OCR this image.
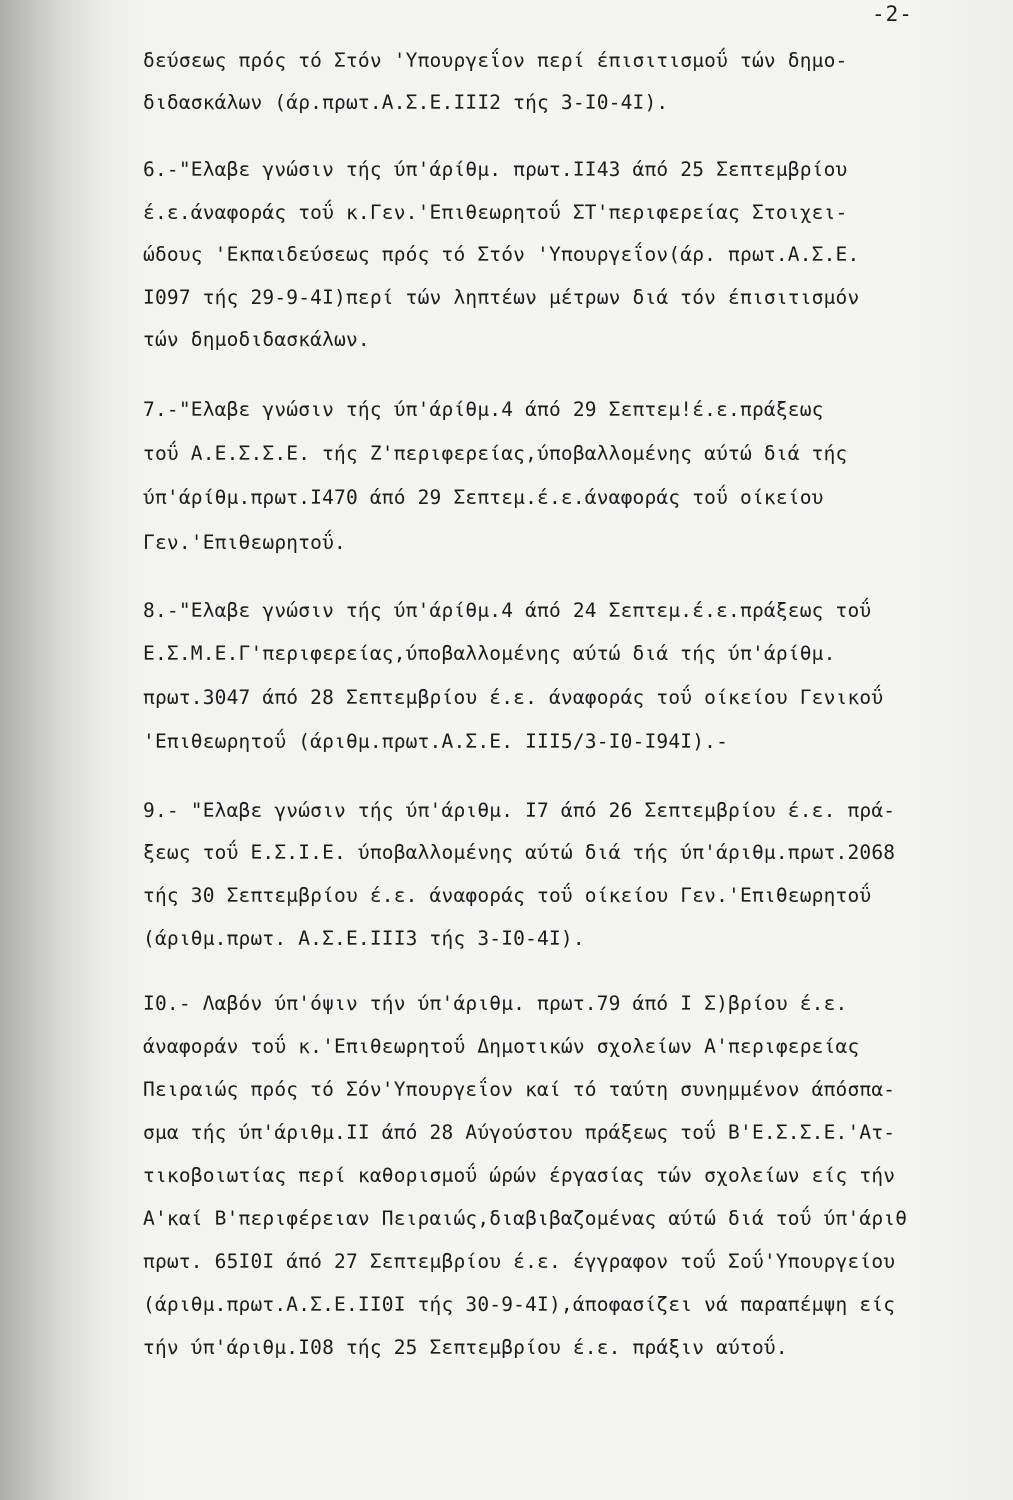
-2-
δεύσεως πρός τό Στόν 'Υπουργεΐον περί έπισιτισμοΰ τών δημο-
διδασκάλων (άρ.πρωτ.Α.Σ.Ε.ΙΙΙ2 τής 3-Ι0-4Ι).
6.-"Ελαβε γνώσιν τής ύπ'άρίθμ. πρωτ.ΙΙ43 άπό 25 Σεπτεμβρίου
έ.ε.άναφοράς τοΰ κ.Γεν.'Επιθεωρητοΰ ΣΤ'περιφερείας Στοιχει-
ώδους 'Εκπαιδεύσεως πρός τό Στόν 'Υπουργεΐον(άρ. πρωτ.Α.Σ.Ε.
Ι097 τής 29-9-4Ι)περί τών ληπτέων μέτρων διά τόν έπισιτισμόν
τών δημοδιδασκάλων.
7.-"Ελαβε γνώσιν τής ύπ'άρίθμ.4 άπό 29 Σεπτεμ!έ.ε.πράξεως
τοΰ Α.Ε.Σ.Σ.Ε. τής Ζ'περιφερείας,ύποβαλλομένης αύτώ διά τής
ύπ'άρίθμ.πρωτ.Ι470 άπό 29 Σεπτεμ.έ.ε.άναφοράς τοΰ οίκείου
Γεν.'Επιθεωρητοΰ.
8.-"Ελαβε γνώσιν τής ύπ'άρίθμ.4 άπό 24 Σεπτεμ.έ.ε.πράξεως τοΰ
Ε.Σ.Μ.Ε.Γ'περιφερείας,ύποβαλλομένης αύτώ διά τής ύπ'άρίθμ.
πρωτ.3047 άπό 28 Σεπτεμβρίου έ.ε. άναφοράς τοΰ οίκείου Γενικοΰ
'Επιθεωρητοΰ (άριθμ.πρωτ.Α.Σ.Ε. ΙΙΙ5/3-Ι0-Ι94Ι).-
9.- "Ελαβε γνώσιν τής ύπ'άριθμ. Ι7 άπό 26 Σεπτεμβρίου έ.ε. πρά-
ξεως τοΰ Ε.Σ.Ι.Ε. ύποβαλλομένης αύτώ διά τής ύπ'άριθμ.πρωτ.2068
τής 30 Σεπτεμβρίου έ.ε. άναφοράς τοΰ οίκείου Γεν.'Επιθεωρητοΰ
(άριθμ.πρωτ. Α.Σ.Ε.ΙΙΙ3 τής 3-Ι0-4Ι).
Ι0.- Λαβόν ύπ'όψιν τήν ύπ'άριθμ. πρωτ.79 άπό Ι Σ)βρίου έ.ε.
άναφοράν τοΰ κ.'Επιθεωρητοΰ Δημοτικών σχολείων Α'περιφερείας
Πειραιώς πρός τό Σόν'Υπουργεΐον καί τό ταύτη συνημμένον άπόσπα-
σμα τής ύπ'άριθμ.ΙΙ άπό 28 Αύγούστου πράξεως τοΰ Β'Ε.Σ.Σ.Ε.'Ατ-
τικοβοιωτίας περί καθορισμοΰ ώρών έργασίας τών σχολείων είς τήν
Α'καί Β'περιφέρειαν Πειραιώς,διαβιβαζομένας αύτώ διά τοΰ ύπ'άριθ
πρωτ. 65Ι0Ι άπό 27 Σεπτεμβρίου έ.ε. έγγραφον τοΰ Σοΰ'Υπουργείου
(άριθμ.πρωτ.Α.Σ.Ε.ΙΙ0Ι τής 30-9-4Ι),άποφασίζει νά παραπέμψη είς
τήν ύπ'άριθμ.Ι08 τής 25 Σεπτεμβρίου έ.ε. πράξιν αύτοΰ.
